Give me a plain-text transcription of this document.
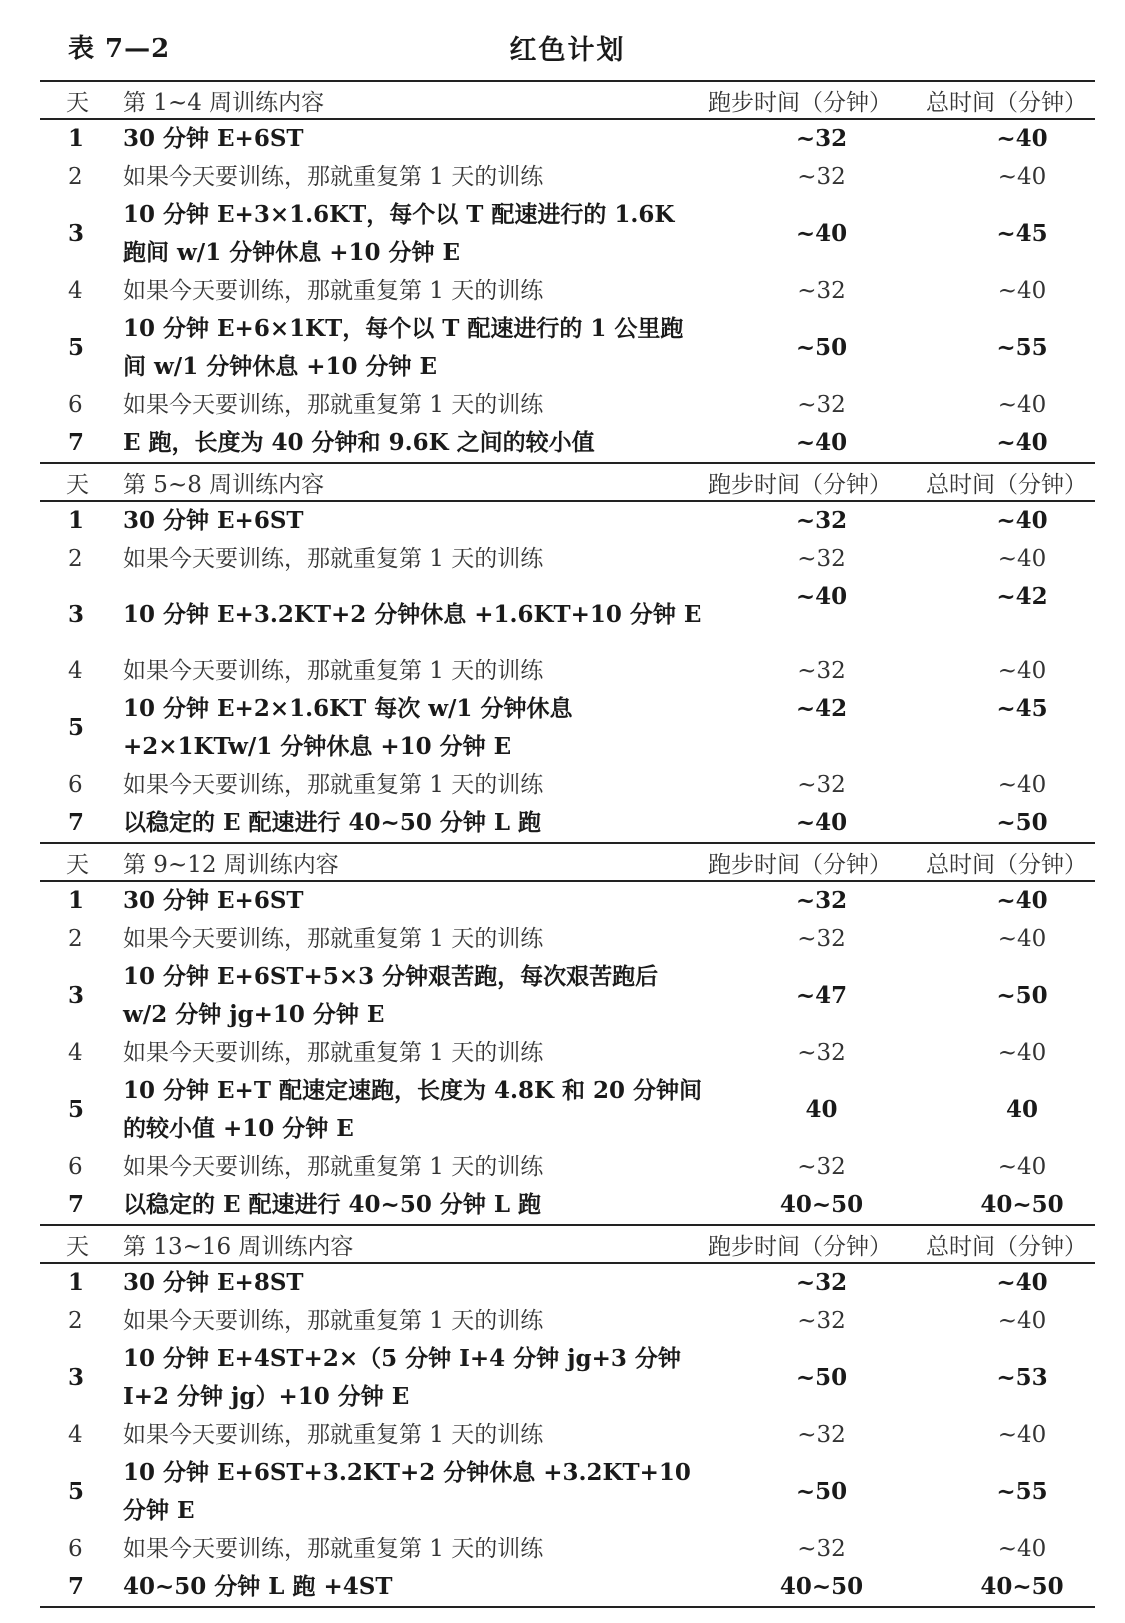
表 7—2	红色计划
天	第 1~4 周训练内容	跑步时间（分钟）	总时间（分钟）
1	30 分钟 E+6ST	~32	~40
2	如果今天要训练，那就重复第 1 天的训练	~32	~40
3	10 分钟 E+3×1.6KT，每个以 T 配速进行的 1.6K 跑间 w/1 分钟休息 +10 分钟 E	~40	~45
4	如果今天要训练，那就重复第 1 天的训练	~32	~40
5	10 分钟 E+6×1KT，每个以 T 配速进行的 1 公里跑间 w/1 分钟休息 +10 分钟 E	~50	~55
6	如果今天要训练，那就重复第 1 天的训练	~32	~40
7	E 跑，长度为 40 分钟和 9.6K 之间的较小值	~40	~40
天	第 5~8 周训练内容	跑步时间（分钟）	总时间（分钟）
1	30 分钟 E+6ST	~32	~40
2	如果今天要训练，那就重复第 1 天的训练	~32	~40
3	10 分钟 E+3.2KT+2 分钟休息 +1.6KT+10 分钟 E	~40	~42
4	如果今天要训练，那就重复第 1 天的训练	~32	~40
5	10 分钟 E+2×1.6KT 每次 w/1 分钟休息 +2×1KTw/1 分钟休息 +10 分钟 E	~42	~45
6	如果今天要训练，那就重复第 1 天的训练	~32	~40
7	以稳定的 E 配速进行 40~50 分钟 L 跑	~40	~50
天	第 9~12 周训练内容	跑步时间（分钟）	总时间（分钟）
1	30 分钟 E+6ST	~32	~40
2	如果今天要训练，那就重复第 1 天的训练	~32	~40
3	10 分钟 E+6ST+5×3 分钟艰苦跑，每次艰苦跑后 w/2 分钟 jg+10 分钟 E	~47	~50
4	如果今天要训练，那就重复第 1 天的训练	~32	~40
5	10 分钟 E+T 配速定速跑，长度为 4.8K 和 20 分钟间的较小值 +10 分钟 E	40	40
6	如果今天要训练，那就重复第 1 天的训练	~32	~40
7	以稳定的 E 配速进行 40~50 分钟 L 跑	40~50	40~50
天	第 13~16 周训练内容	跑步时间（分钟）	总时间（分钟）
1	30 分钟 E+8ST	~32	~40
2	如果今天要训练，那就重复第 1 天的训练	~32	~40
3	10 分钟 E+4ST+2×（5 分钟 I+4 分钟 jg+3 分钟 I+2 分钟 jg）+10 分钟 E	~50	~53
4	如果今天要训练，那就重复第 1 天的训练	~32	~40
5	10 分钟 E+6ST+3.2KT+2 分钟休息 +3.2KT+10 分钟 E	~50	~55
6	如果今天要训练，那就重复第 1 天的训练	~32	~40
7	40~50 分钟 L 跑 +4ST	40~50	40~50
